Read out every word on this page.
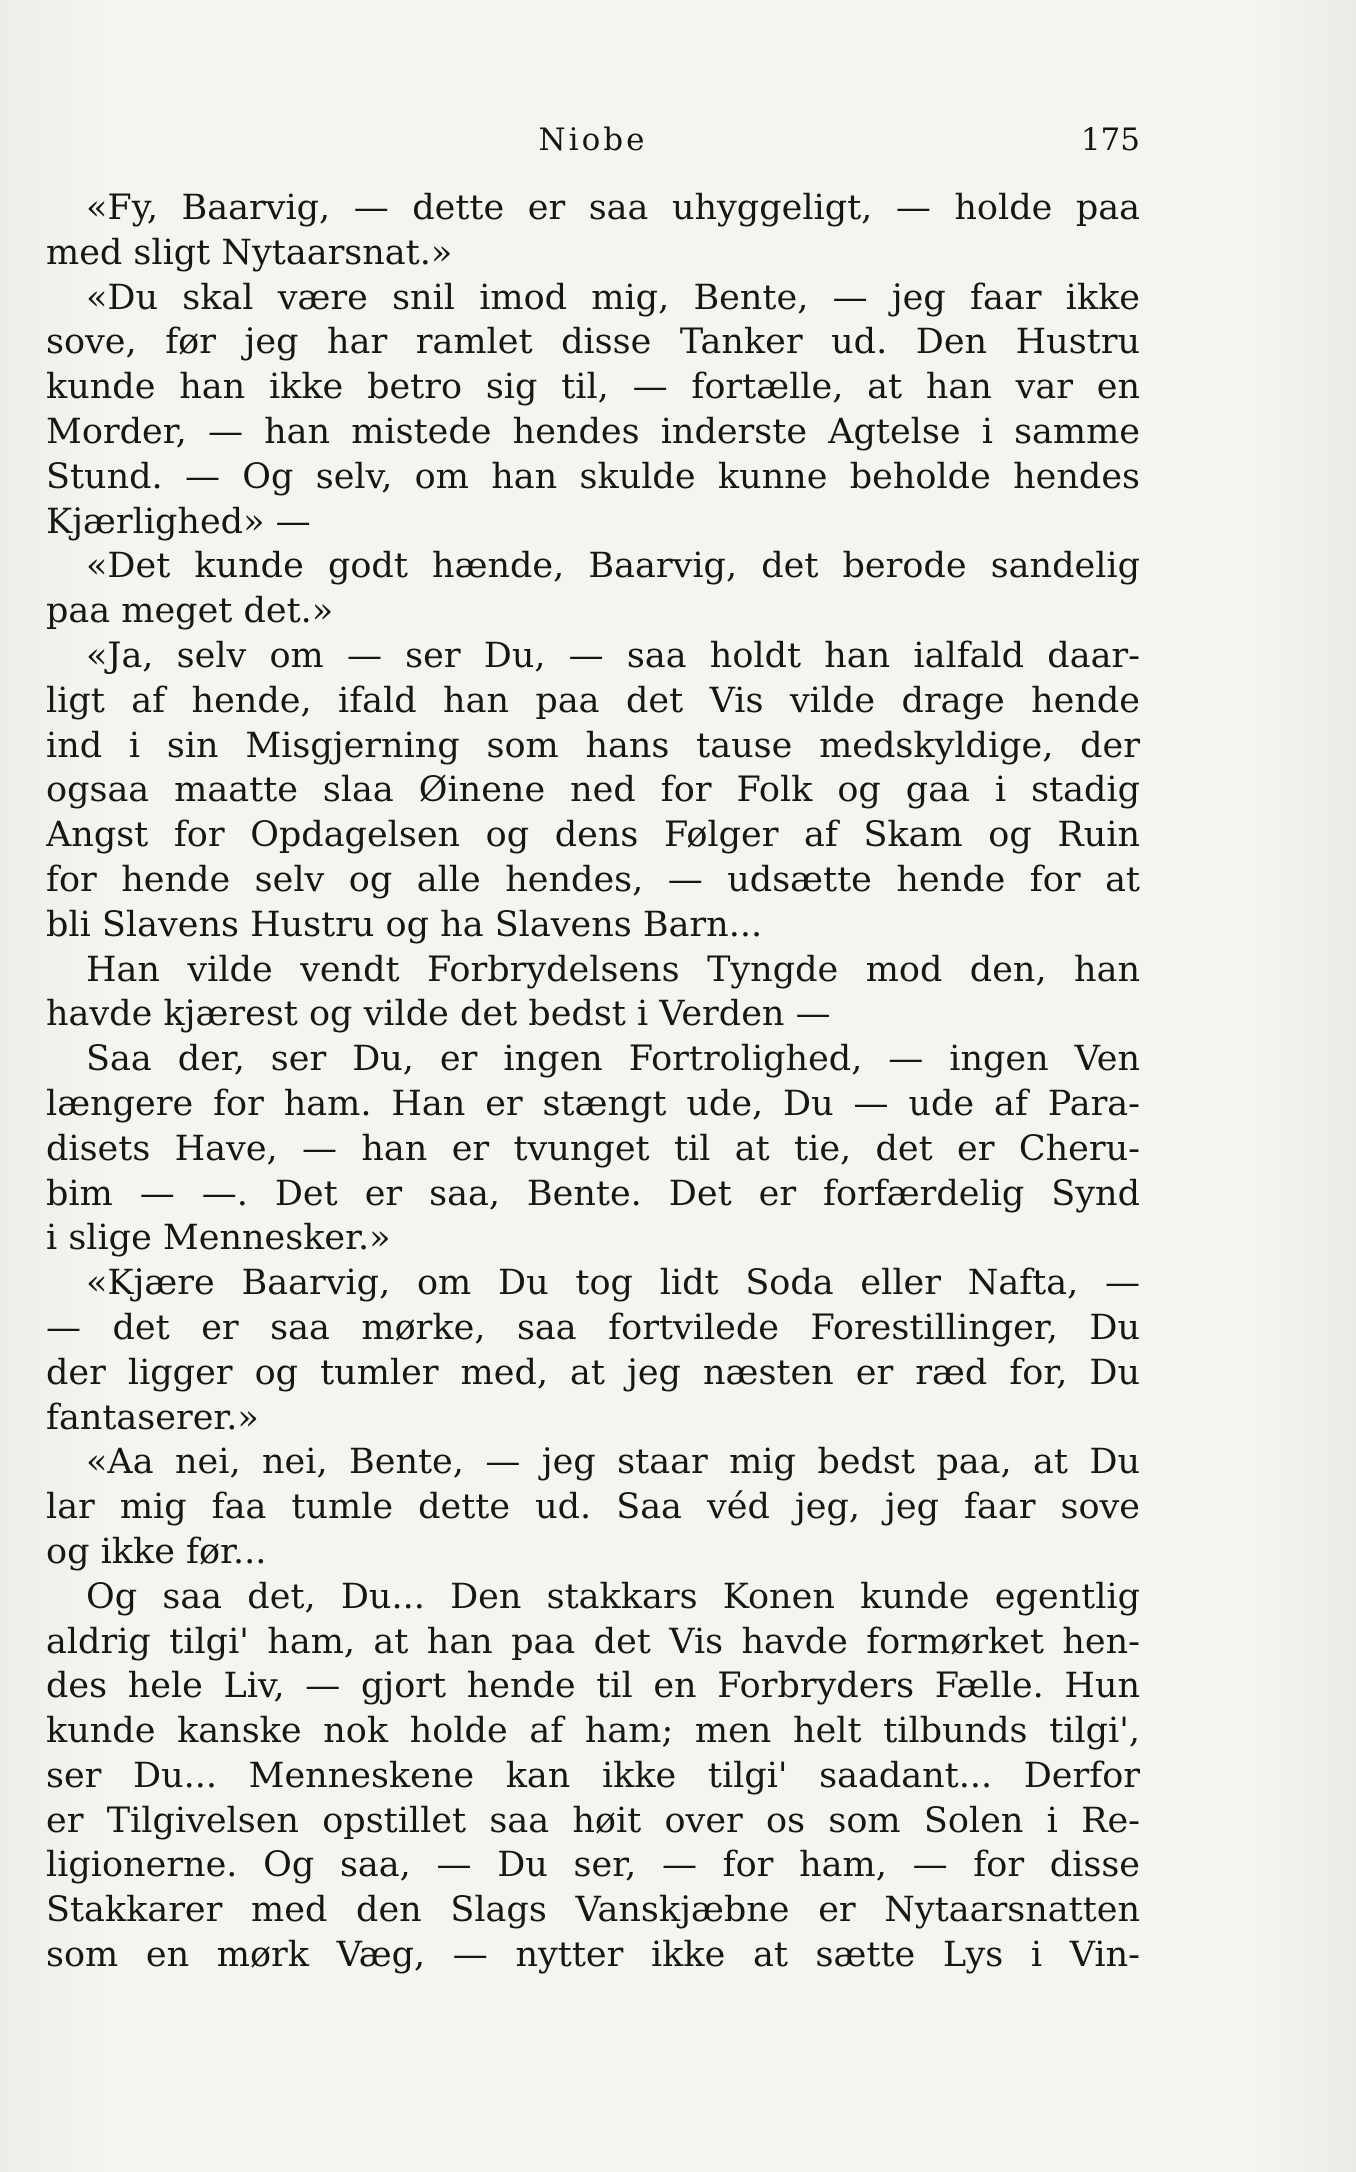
Niobe	175
«Fy, Baarvig, — dette er saa uhyggeligt, — holde paa
med sligt Nytaarsnat.»
«Du skal være snil imod mig, Bente, — jeg faar ikke
sove, før jeg har ramlet disse Tanker ud. Den Hustru
kunde han ikke betro sig til, — fortælle, at han var en
Morder, — han mistede hendes inderste Agtelse i samme
Stund. — Og selv, om han skulde kunne beholde hendes
Kjærlighed» —
«Det kunde godt hænde, Baarvig, det berode sandelig
paa meget det.»
«Ja, selv om — ser Du, — saa holdt han ialfald daar-
ligt af hende, ifald han paa det Vis vilde drage hende
ind i sin Misgjerning som hans tause medskyldige, der
ogsaa maatte slaa Øinene ned for Folk og gaa i stadig
Angst for Opdagelsen og dens Følger af Skam og Ruin
for hende selv og alle hendes, — udsætte hende for at
bli Slavens Hustru og ha Slavens Barn...
Han vilde vendt Forbrydelsens Tyngde mod den, han
havde kjærest og vilde det bedst i Verden —
Saa der, ser Du, er ingen Fortrolighed, — ingen Ven
længere for ham. Han er stængt ude, Du — ude af Para-
disets Have, — han er tvunget til at tie, det er Cheru-
bim — —. Det er saa, Bente. Det er forfærdelig Synd
i slige Mennesker.»
«Kjære Baarvig, om Du tog lidt Soda eller Nafta, —
— det er saa mørke, saa fortvilede Forestillinger, Du
der ligger og tumler med, at jeg næsten er ræd for, Du
fantaserer.»
«Aa nei, nei, Bente, — jeg staar mig bedst paa, at Du
lar mig faa tumle dette ud. Saa véd jeg, jeg faar sove
og ikke før...
Og saa det, Du... Den stakkars Konen kunde egentlig
aldrig tilgi' ham, at han paa det Vis havde formørket hen-
des hele Liv, — gjort hende til en Forbryders Fælle. Hun
kunde kanske nok holde af ham; men helt tilbunds tilgi',
ser Du... Menneskene kan ikke tilgi' saadant... Derfor
er Tilgivelsen opstillet saa høit over os som Solen i Re-
ligionerne. Og saa, — Du ser, — for ham, — for disse
Stakkarer med den Slags Vanskjæbne er Nytaarsnatten
som en mørk Væg, — nytter ikke at sætte Lys i Vin-
